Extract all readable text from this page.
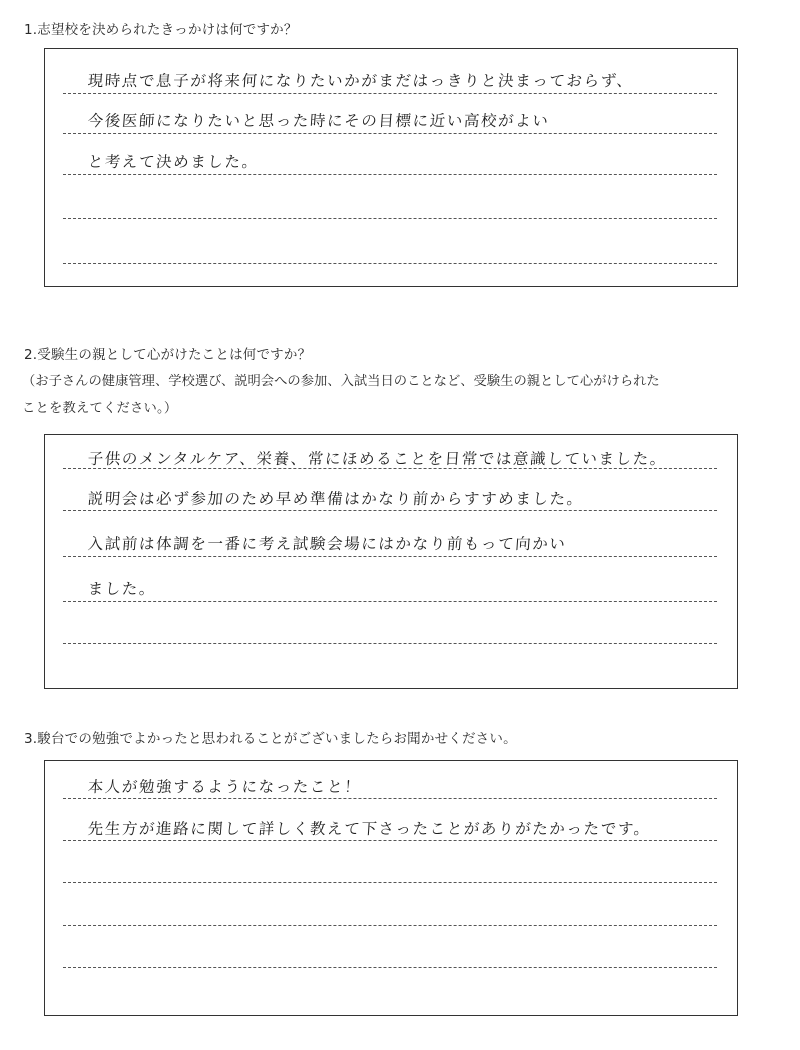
1.志望校を決められたきっかけは何ですか？
現時点で息子が将来何になりたいかがまだはっきりと決まっておらず、
今後医師になりたいと思った時にその目標に近い高校がよい
と考えて決めました。
2.受験生の親として心がけたことは何ですか？
（お子さんの健康管理、学校選び、説明会への参加、入試当日のことなど、受験生の親として心がけられた
ことを教えてください。）
子供のメンタルケア、栄養、常にほめることを日常では意識していました。
説明会は必ず参加のため早め準備はかなり前からすすめました。
入試前は体調を一番に考え試験会場にはかなり前もって向かい
ました。
3.駿台での勉強でよかったと思われることがございましたらお聞かせください。
本人が勉強するようになったこと！
先生方が進路に関して詳しく教えて下さったことがありがたかったです。
